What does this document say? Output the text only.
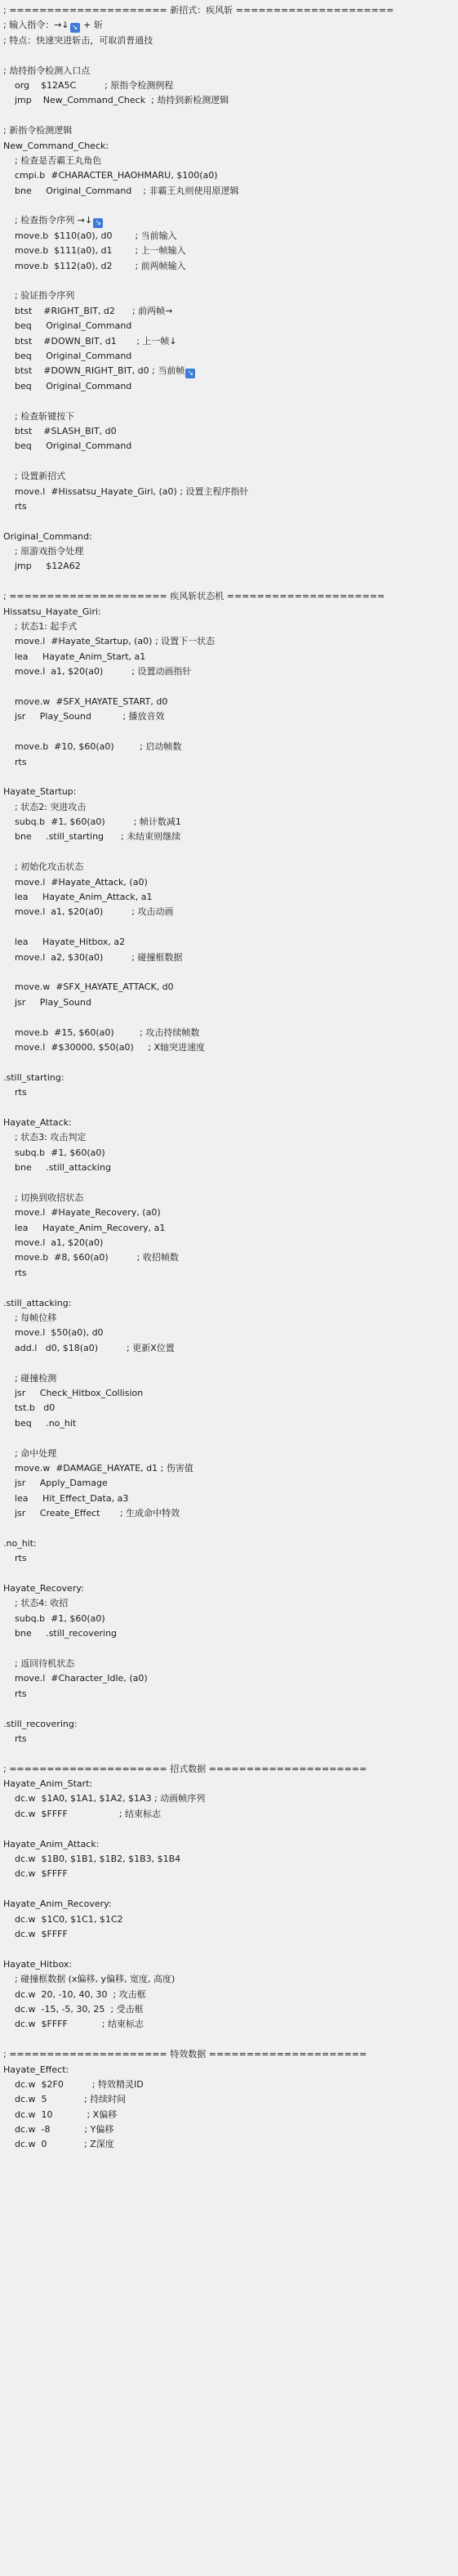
; ===================== 新招式：疾风斩 =====================
; 输入指令：→↓ ↘ + 斩
; 特点：快速突进斩击，可取消普通技

; 劫持指令检测入口点
org    $12A5C          ; 原指令检测例程
jmp    New_Command_Check  ; 劫持到新检测逻辑

; 新指令检测逻辑
New_Command_Check:
; 检查是否霸王丸角色
cmpi.b  #CHARACTER_HAOHMARU, $100(a0)
bne     Original_Command    ; 非霸王丸则使用原逻辑

; 检查指令序列 →↓ ↘
move.b  $110(a0), d0        ; 当前输入
move.b  $111(a0), d1        ; 上一帧输入
move.b  $112(a0), d2        ; 前两帧输入

; 验证指令序列
btst    #RIGHT_BIT, d2      ; 前两帧→
beq     Original_Command
btst    #DOWN_BIT, d1       ; 上一帧↓
beq     Original_Command
btst    #DOWN_RIGHT_BIT, d0 ; 当前帧 ↘
beq     Original_Command

; 检查斩键按下
btst    #SLASH_BIT, d0
beq     Original_Command

; 设置新招式
move.l  #Hissatsu_Hayate_Giri, (a0) ; 设置主程序指针
rts

Original_Command:
; 原游戏指令处理
jmp     $12A62

; ===================== 疾风斩状态机 =====================
Hissatsu_Hayate_Giri:
; 状态1: 起手式
move.l  #Hayate_Startup, (a0) ; 设置下一状态
lea     Hayate_Anim_Start, a1
move.l  a1, $20(a0)          ; 设置动画指针

move.w  #SFX_HAYATE_START, d0
jsr     Play_Sound           ; 播放音效

move.b  #10, $60(a0)         ; 启动帧数
rts

Hayate_Startup:
; 状态2: 突进攻击
subq.b  #1, $60(a0)          ; 帧计数减1
bne     .still_starting      ; 未结束则继续

; 初始化攻击状态
move.l  #Hayate_Attack, (a0)
lea     Hayate_Anim_Attack, a1
move.l  a1, $20(a0)          ; 攻击动画

lea     Hayate_Hitbox, a2
move.l  a2, $30(a0)          ; 碰撞框数据

move.w  #SFX_HAYATE_ATTACK, d0
jsr     Play_Sound

move.b  #15, $60(a0)         ; 攻击持续帧数
move.l  #$30000, $50(a0)     ; X轴突进速度

.still_starting:
rts

Hayate_Attack:
; 状态3: 攻击判定
subq.b  #1, $60(a0)
bne     .still_attacking

; 切换到收招状态
move.l  #Hayate_Recovery, (a0)
lea     Hayate_Anim_Recovery, a1
move.l  a1, $20(a0)
move.b  #8, $60(a0)          ; 收招帧数
rts

.still_attacking:
; 每帧位移
move.l  $50(a0), d0
add.l   d0, $18(a0)          ; 更新X位置

; 碰撞检测
jsr     Check_Hitbox_Collision
tst.b   d0
beq     .no_hit

; 命中处理
move.w  #DAMAGE_HAYATE, d1 ; 伤害值
jsr     Apply_Damage
lea     Hit_Effect_Data, a3
jsr     Create_Effect       ; 生成命中特效

.no_hit:
rts

Hayate_Recovery:
; 状态4: 收招
subq.b  #1, $60(a0)
bne     .still_recovering

; 返回待机状态
move.l  #Character_Idle, (a0)
rts

.still_recovering:
rts

; ===================== 招式数据 =====================
Hayate_Anim_Start:
dc.w  $1A0, $1A1, $1A2, $1A3 ; 动画帧序列
dc.w  $FFFF                  ; 结束标志

Hayate_Anim_Attack:
dc.w  $1B0, $1B1, $1B2, $1B3, $1B4
dc.w  $FFFF

Hayate_Anim_Recovery:
dc.w  $1C0, $1C1, $1C2
dc.w  $FFFF

Hayate_Hitbox:
; 碰撞框数据 (x偏移, y偏移, 宽度, 高度)
dc.w  20, -10, 40, 30  ; 攻击框
dc.w  -15, -5, 30, 25  ; 受击框
dc.w  $FFFF            ; 结束标志

; ===================== 特效数据 =====================
Hayate_Effect:
dc.w  $2F0          ; 特效精灵ID
dc.w  5             ; 持续时间
dc.w  10            ; X偏移
dc.w  -8            ; Y偏移
dc.w  0             ; Z深度
